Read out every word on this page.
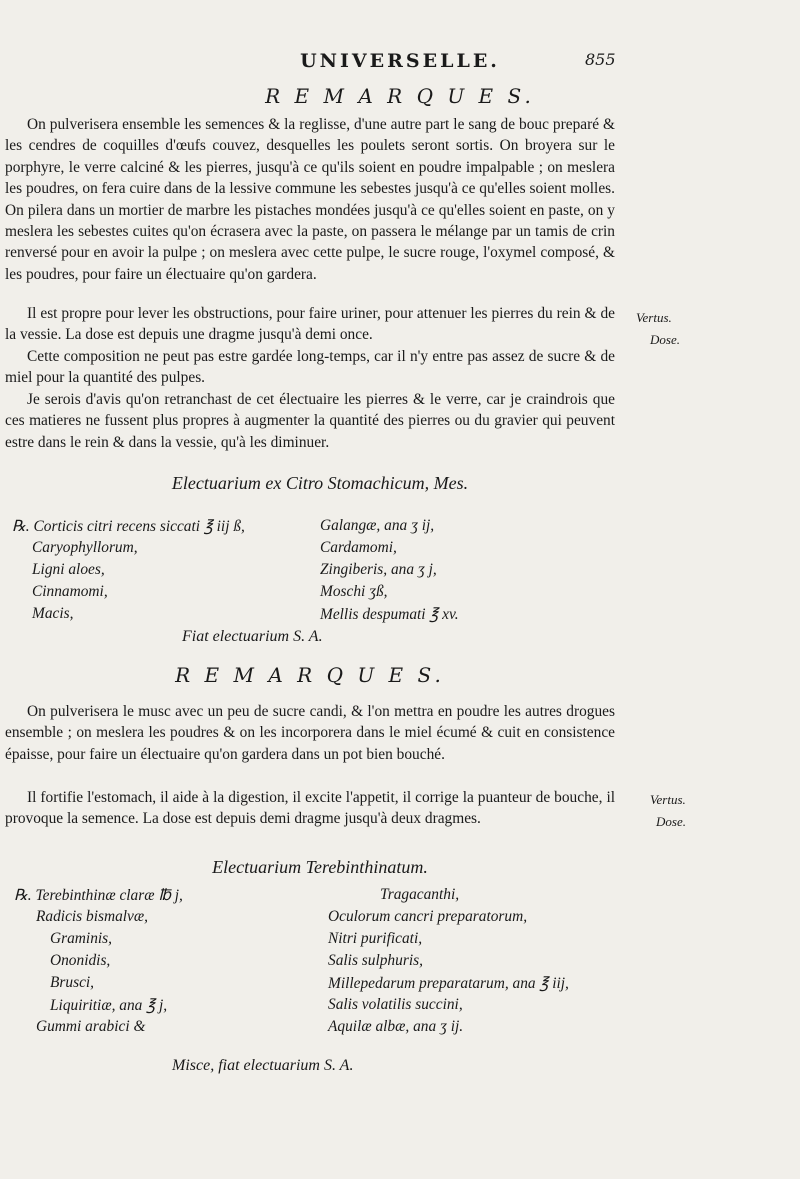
UNIVERSELLE.	855
R E M A R Q U E S.

On pulverisera ensemble les semences & la reglisse, d'une autre part le sang de bouc preparé & les cendres de coquilles d'œufs couvez, desquelles les poulets seront sortis. On broyera sur le porphyre, le verre calciné & les pierres, jusqu'à ce qu'ils soient en poudre impalpable ; on meslera les poudres, on fera cuire dans de la lessive commune les sebestes jusqu'à ce qu'elles soient molles. On pilera dans un mortier de marbre les pistaches mondées jusqu'à ce qu'elles soient en paste, on y meslera les sebestes cuites qu'on écrasera avec la paste, on passera le mélange par un tamis de crin renversé pour en avoir la pulpe ; on meslera avec cette pulpe, le sucre rouge, l'oxymel composé, & les poudres, pour faire un électuaire qu'on gardera.

Il est propre pour lever les obstructions, pour faire uriner, pour attenuer les pierres du rein & de la vessie. La dose est depuis une dragme jusqu'à demi once.

Cette composition ne peut pas estre gardée long-temps, car il n'y entre pas assez de sucre & de miel pour la quantité des pulpes.

Je serois d'avis qu'on retranchast de cet électuaire les pierres & le verre, car je craindrois que ces matieres ne fussent plus propres à augmenter la quantité des pierres ou du gravier qui peuvent estre dans le rein & dans la vessie, qu'à les diminuer.

Vertus.
Dose.
Electuarium ex Citro Stomachicum, Mes.
℞. Corticis citri recens siccati ℥ iij ß,
Caryophyllorum,
Ligni aloes,
Cinnamomi,
Macis,
Galangæ, ana ʒ ij,
Cardamomi,
Zingiberis, ana ʒ j,
Moschi ʒß,
Mellis despumati ℥ xv.
Fiat electuarium S. A.
R E M A R Q U E S.

On pulverisera le musc avec un peu de sucre candi, & l'on mettra en poudre les autres drogues ensemble ; on meslera les poudres & on les incorporera dans le miel écumé & cuit en consistence épaisse, pour faire un électuaire qu'on gardera dans un pot bien bouché.

Il fortifie l'estomach, il aide à la digestion, il excite l'appetit, il corrige la puanteur de bouche, il provoque la semence. La dose est depuis demi dragme jusqu'à deux dragmes.

Vertus.
Dose.
Electuarium Terebinthinatum.
℞. Terebinthinæ claræ ℔ j,
Radicis bismalvæ,
Graminis,
Ononidis,
Brusci,
Liquiritiæ, ana ℥ j,
Gummi arabici &
Tragacanthi,
Oculorum cancri preparatorum,
Nitri purificati,
Salis sulphuris,
Millepedarum preparatarum, ana ℥ iij,
Salis volatilis succini,
Aquilæ albæ, ana ʒ ij.
Misce, fiat electuarium S. A.
